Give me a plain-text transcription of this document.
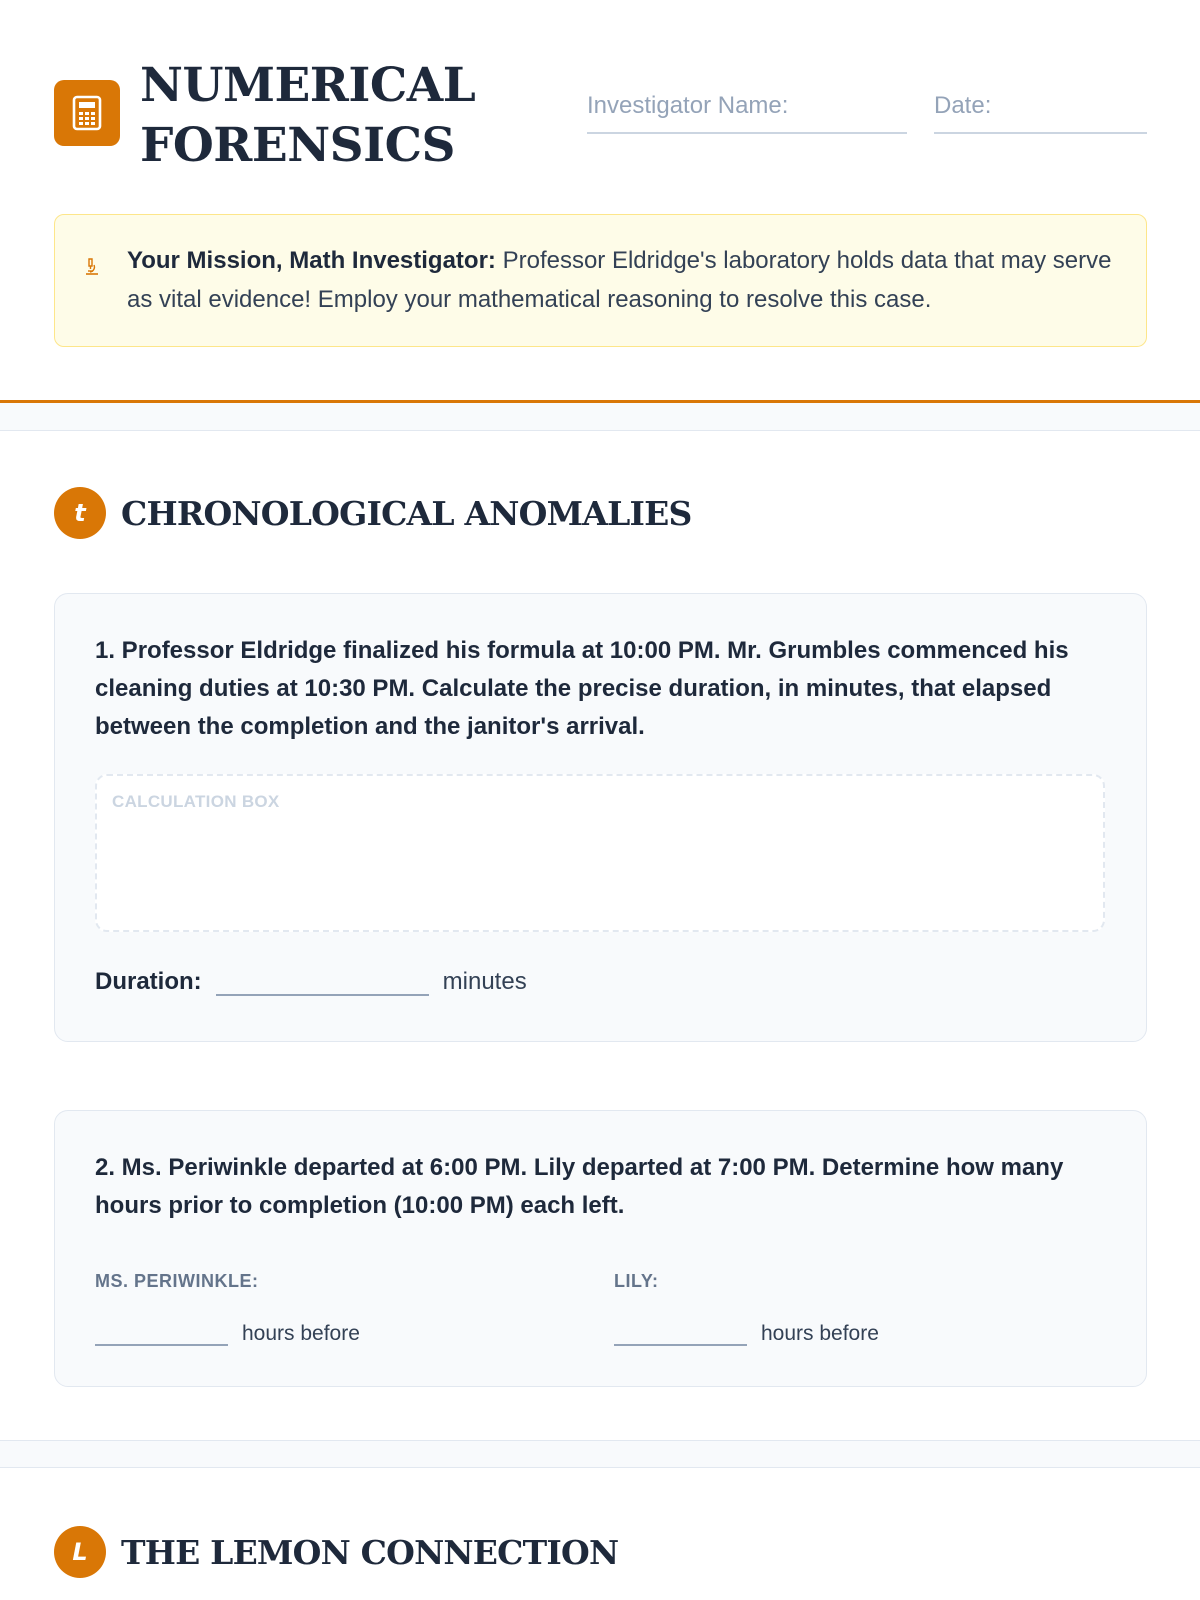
NUMERICAL
FORENSICS
Investigator Name:	Date:
Your Mission, Math Investigator: Professor Eldridge's laboratory holds data that may serve as vital evidence! Employ your mathematical reasoning to resolve this case.
t	CHRONOLOGICAL ANOMALIES
1. Professor Eldridge finalized his formula at 10:00 PM. Mr. Grumbles commenced his cleaning duties at 10:30 PM. Calculate the precise duration, in minutes, that elapsed between the completion and the janitor's arrival.
CALCULATION BOX
Duration:	minutes
2. Ms. Periwinkle departed at 6:00 PM. Lily departed at 7:00 PM. Determine how many hours prior to completion (10:00 PM) each left.
MS. PERIWINKLE:
hours before
LILY:
hours before
L	THE LEMON CONNECTION
